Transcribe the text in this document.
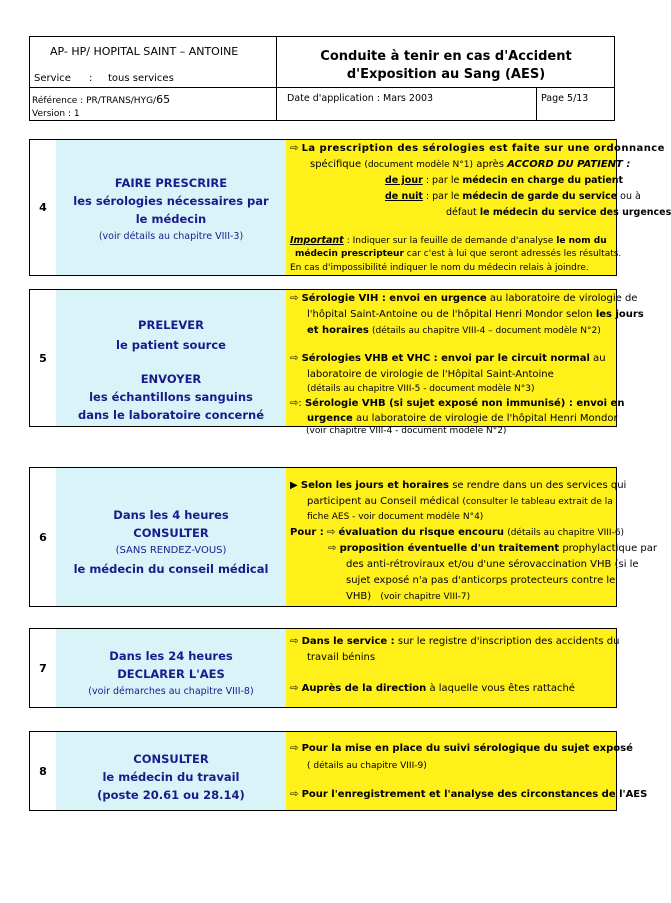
AP- HP/ HOPITAL SAINT – ANTOINE
Service : tous services
Conduite à tenir en cas d'Accident
d'Exposition au Sang (AES)
Référence : PR/TRANS/HYG/65
Version : 1
Date d'application : Mars 2003	Page 5/13
4
FAIRE PRESCRIRE
les sérologies nécessaires par
le médecin
(voir détails au chapitre VIII-3)
⇨ La prescription des sérologies est faite sur une ordonnance
spécifique (document modèle N°1) après ACCORD DU PATIENT :
de jour : par le médecin en charge du patient
de nuit : par le médecin de garde du service ou à
défaut le médecin du service des urgences
Important : Indiquer sur la feuille de demande d'analyse le nom du
médecin prescripteur car c'est à lui que seront adressés les résultats.
En cas d'impossibilité indiquer le nom du médecin relais à joindre.
5
PRELEVER
le patient source
ENVOYER
les échantillons sanguins
dans le laboratoire concerné
⇨ Sérologie VIH : envoi en urgence au laboratoire de virologie de
l'hôpital Saint-Antoine ou de l'hôpital Henri Mondor selon les jours
et horaires (détails au chapitre VIII-4 – document modèle N°2)
⇨ Sérologies VHB et VHC : envoi par le circuit normal au
laboratoire de virologie de l'Hôpital Saint-Antoine
(détails au chapitre VIII-5 - document modèle N°3)
⇨: Sérologie VHB (si sujet exposé non immunisé) : envoi en
urgence au laboratoire de virologie de l'hôpital Henri Mondor
(voir chapitre VIII-4 - document modèle N°2)
6
Dans les 4 heures
CONSULTER
(SANS RENDEZ-VOUS)
le médecin du conseil médical
▶ Selon les jours et horaires se rendre dans un des services qui
participent au Conseil médical (consulter le tableau extrait de la
fiche AES - voir document modèle N°4)
Pour : ⇨ évaluation du risque encouru (détails au chapitre VIII-6)
⇨ proposition éventuelle d'un traitement prophylactique par
des anti-rétroviraux et/ou d'une sérovaccination VHB (si le
sujet exposé n'a pas d'anticorps protecteurs contre le
VHB) (voir chapitre VIII-7)
7
Dans les 24 heures
DECLARER L'AES
(voir démarches au chapitre VIII-8)
⇨ Dans le service : sur le registre d'inscription des accidents du
travail bénins
⇨ Auprès de la direction à laquelle vous êtes rattaché
8
CONSULTER
le médecin du travail
(poste 20.61 ou 28.14)
⇨ Pour la mise en place du suivi sérologique du sujet exposé
( détails au chapitre VIII-9)
⇨ Pour l'enregistrement et l'analyse des circonstances de l'AES
